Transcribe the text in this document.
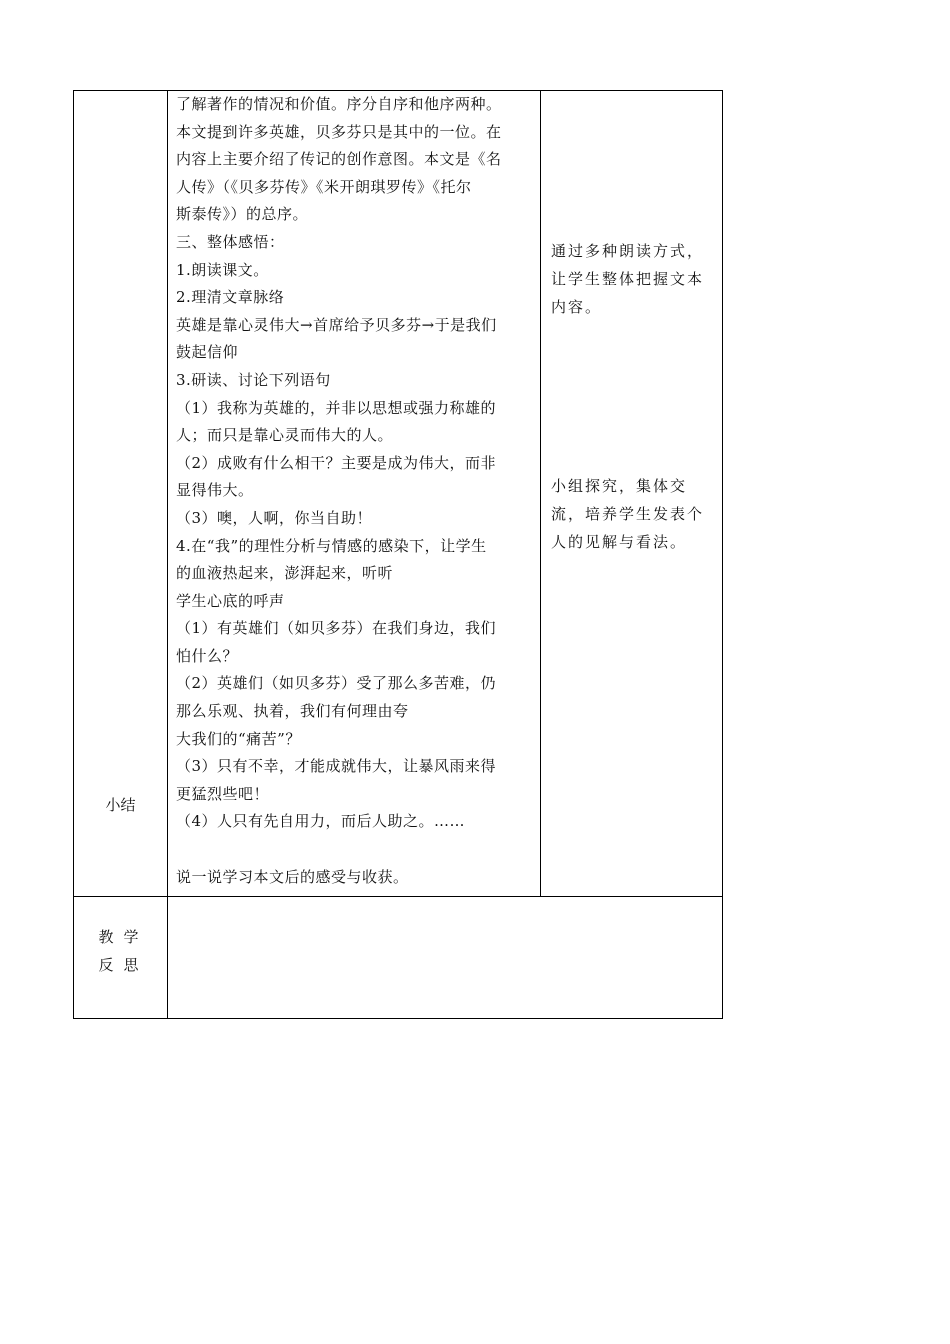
了解著作的情况和价值。序分自序和他序两种。
本文提到许多英雄，贝多芬只是其中的一位。在
内容上主要介绍了传记的创作意图。本文是《名
人传》（《贝多芬传》《米开朗琪罗传》《托尔
斯泰传》）的总序。
三、整体感悟：
1.朗读课文。
2.理清文章脉络
英雄是靠心灵伟大→首席给予贝多芬→于是我们
鼓起信仰
3.研读、讨论下列语句
（1）我称为英雄的，并非以思想或强力称雄的
人；而只是靠心灵而伟大的人。
（2）成败有什么相干？主要是成为伟大，而非
显得伟大。
（3）噢，人啊，你当自助！
4.在“我”的理性分析与情感的感染下，让学生
的血液热起来，澎湃起来，听听
学生心底的呼声
（1）有英雄们（如贝多芬）在我们身边，我们
怕什么？
（2）英雄们（如贝多芬）受了那么多苦难，仍
那么乐观、执着，我们有何理由夸
大我们的“痛苦”？
（3）只有不幸，才能成就伟大，让暴风雨来得
更猛烈些吧！
（4）人只有先自用力，而后人助之。……
说一说学习本文后的感受与收获。
通过多种朗读方式，
让学生整体把握文本
内容。
小组探究，集体交
流，培养学生发表个
人的见解与看法。
小结
教学
反思
